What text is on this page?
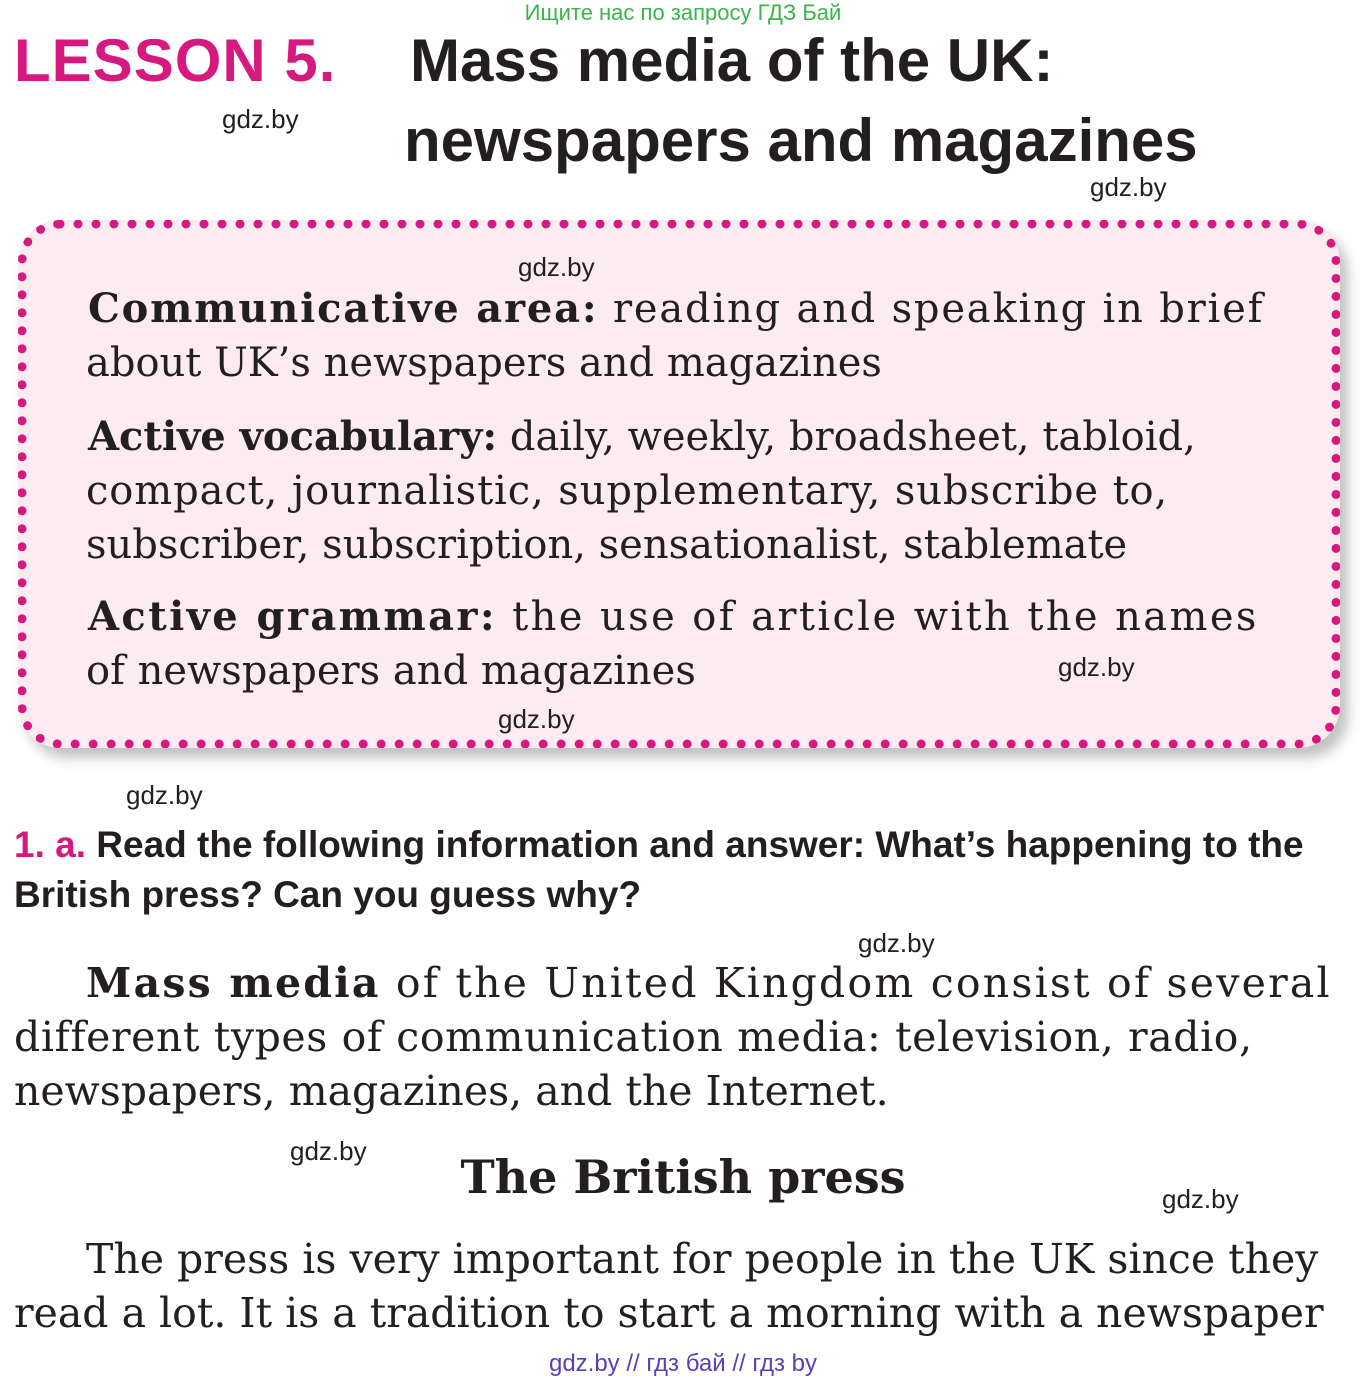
Ищите нас по запросу ГДЗ Бай
LESSON 5. Mass media of the UK:
newspapers and magazines
gdz.by
gdz.by
gdz.by
Communicative area: reading and speaking in brief
about UK’s newspapers and magazines
Active vocabulary: daily, weekly, broadsheet, tabloid,
compact, journalistic, supplementary, subscribe to,
subscriber, subscription, sensationalist, stablemate
Active grammar: the use of article with the names
of newspapers and magazines	gdz.by
gdz.by
gdz.by
1. a. Read the following information and answer: What’s happening to the British press? Can you guess why?
gdz.by
Mass media of the United Kingdom consist of several
different types of communication media: television, radio,
newspapers, magazines, and the Internet.
gdz.by	The British press	gdz.by
The press is very important for people in the UK since they
read a lot. It is a tradition to start a morning with a newspaper
gdz.by // гдз бай // гдз by
